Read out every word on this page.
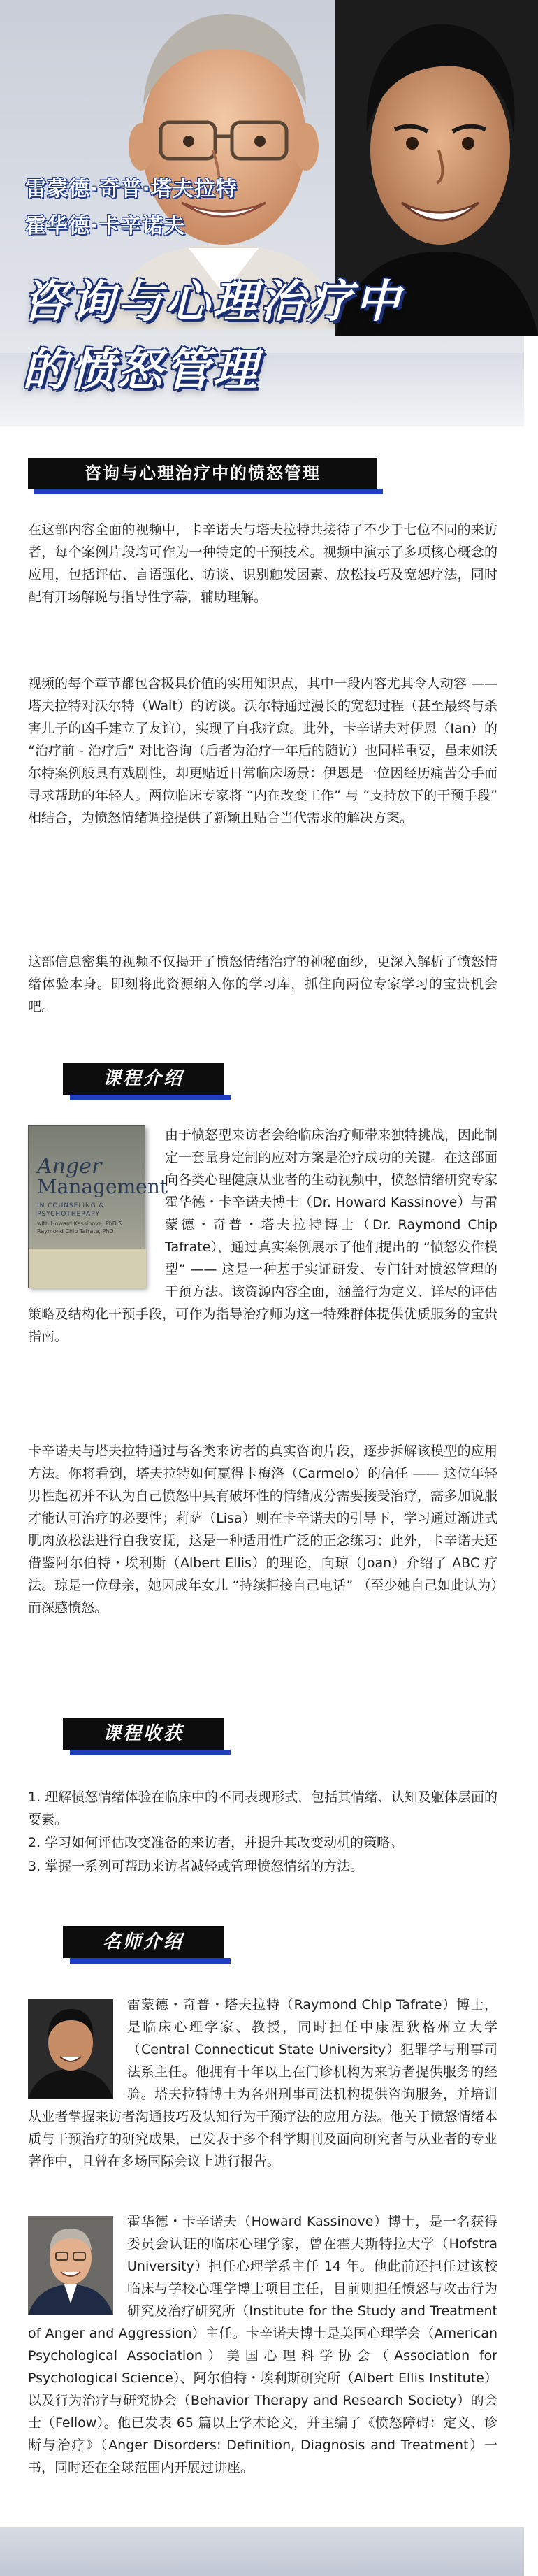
雷蒙德·奇普·塔夫拉特
霍华德·卡辛诺夫
咨询与心理治疗中
的愤怒管理
咨询与心理治疗中的愤怒管理
在这部内容全面的视频中，卡辛诺夫与塔夫拉特共接待了不少于七位不同的来访者，每个案例片段均可作为一种特定的干预技术。视频中演示了多项核心概念的应用，包括评估、言语强化、访谈、识别触发因素、放松技巧及宽恕疗法，同时配有开场解说与指导性字幕，辅助理解。
视频的每个章节都包含极具价值的实用知识点，其中一段内容尤其令人动容 —— 塔夫拉特对沃尔特（Walt）的访谈。沃尔特通过漫长的宽恕过程（甚至最终与杀害儿子的凶手建立了友谊），实现了自我疗愈。此外，卡辛诺夫对伊恩（Ian）的 “治疗前 - 治疗后” 对比咨询（后者为治疗一年后的随访）也同样重要，虽未如沃尔特案例般具有戏剧性，却更贴近日常临床场景：伊恩是一位因经历痛苦分手而寻求帮助的年轻人。两位临床专家将 “内在改变工作” 与 “支持放下的干预手段” 相结合，为愤怒情绪调控提供了新颖且贴合当代需求的解决方案。
这部信息密集的视频不仅揭开了愤怒情绪治疗的神秘面纱，更深入解析了愤怒情绪体验本身。即刻将此资源纳入你的学习库，抓住向两位专家学习的宝贵机会吧。
课程介绍
Anger
Management
IN COUNSELING & PSYCHOTHERAPY
with Howard Kassinove, PhD & Raymond Chip Tafrate, PhD
由于愤怒型来访者会给临床治疗师带来独特挑战，因此制定一套量身定制的应对方案是治疗成功的关键。在这部面向各类心理健康从业者的生动视频中，愤怒情绪研究专家霍华德・卡辛诺夫博士（Dr. Howard Kassinove）与雷蒙德・奇普・塔夫拉特博士（Dr. Raymond Chip Tafrate），通过真实案例展示了他们提出的 “愤怒发作模型” —— 这是一种基于实证研发、专门针对愤怒管理的干预方法。该资源内容全面，涵盖行为定义、详尽的评估策略及结构化干预手段，可作为指导治疗师为这一特殊群体提供优质服务的宝贵指南。
卡辛诺夫与塔夫拉特通过与各类来访者的真实咨询片段，逐步拆解该模型的应用方法。你将看到，塔夫拉特如何赢得卡梅洛（Carmelo）的信任 —— 这位年轻男性起初并不认为自己愤怒中具有破坏性的情绪成分需要接受治疗，需多加说服才能认可治疗的必要性；莉萨（Lisa）则在卡辛诺夫的引导下，学习通过渐进式肌肉放松法进行自我安抚，这是一种适用性广泛的正念练习；此外，卡辛诺夫还借鉴阿尔伯特・埃利斯（Albert Ellis）的理论，向琼（Joan）介绍了 ABC 疗法。琼是一位母亲，她因成年女儿 “持续拒接自己电话” （至少她自己如此认为）而深感愤怒。
课程收获
1. 理解愤怒情绪体验在临床中的不同表现形式，包括其情绪、认知及躯体层面的要素。
2. 学习如何评估改变准备的来访者，并提升其改变动机的策略。
3. 掌握一系列可帮助来访者减轻或管理愤怒情绪的方法。
名师介绍
雷蒙德・奇普・塔夫拉特（Raymond Chip Tafrate）博士，是临床心理学家、教授，同时担任中康涅狄格州立大学（Central Connecticut State University）犯罪学与刑事司法系主任。他拥有十年以上在门诊机构为来访者提供服务的经验。塔夫拉特博士为各州刑事司法机构提供咨询服务，并培训从业者掌握来访者沟通技巧及认知行为干预疗法的应用方法。他关于愤怒情绪本质与干预治疗的研究成果，已发表于多个科学期刊及面向研究者与从业者的专业著作中，且曾在多场国际会议上进行报告。
霍华德・卡辛诺夫（Howard Kassinove）博士，是一名获得委员会认证的临床心理学家，曾在霍夫斯特拉大学（Hofstra University）担任心理学系主任 14 年。他此前还担任过该校临床与学校心理学博士项目主任，目前则担任愤怒与攻击行为研究及治疗研究所（Institute for the Study and Treatment of Anger and Aggression）主任。卡辛诺夫博士是美国心理学会（American Psychological Association）美国心理科学协会（Association for Psychological Science）、阿尔伯特・埃利斯研究所（Albert Ellis Institute）以及行为治疗与研究协会（Behavior Therapy and Research Society）的会士（Fellow）。他已发表 65 篇以上学术论文，并主编了《愤怒障碍：定义、诊断与治疗》（Anger Disorders: Definition, Diagnosis and Treatment）一书，同时还在全球范围内开展过讲座。
